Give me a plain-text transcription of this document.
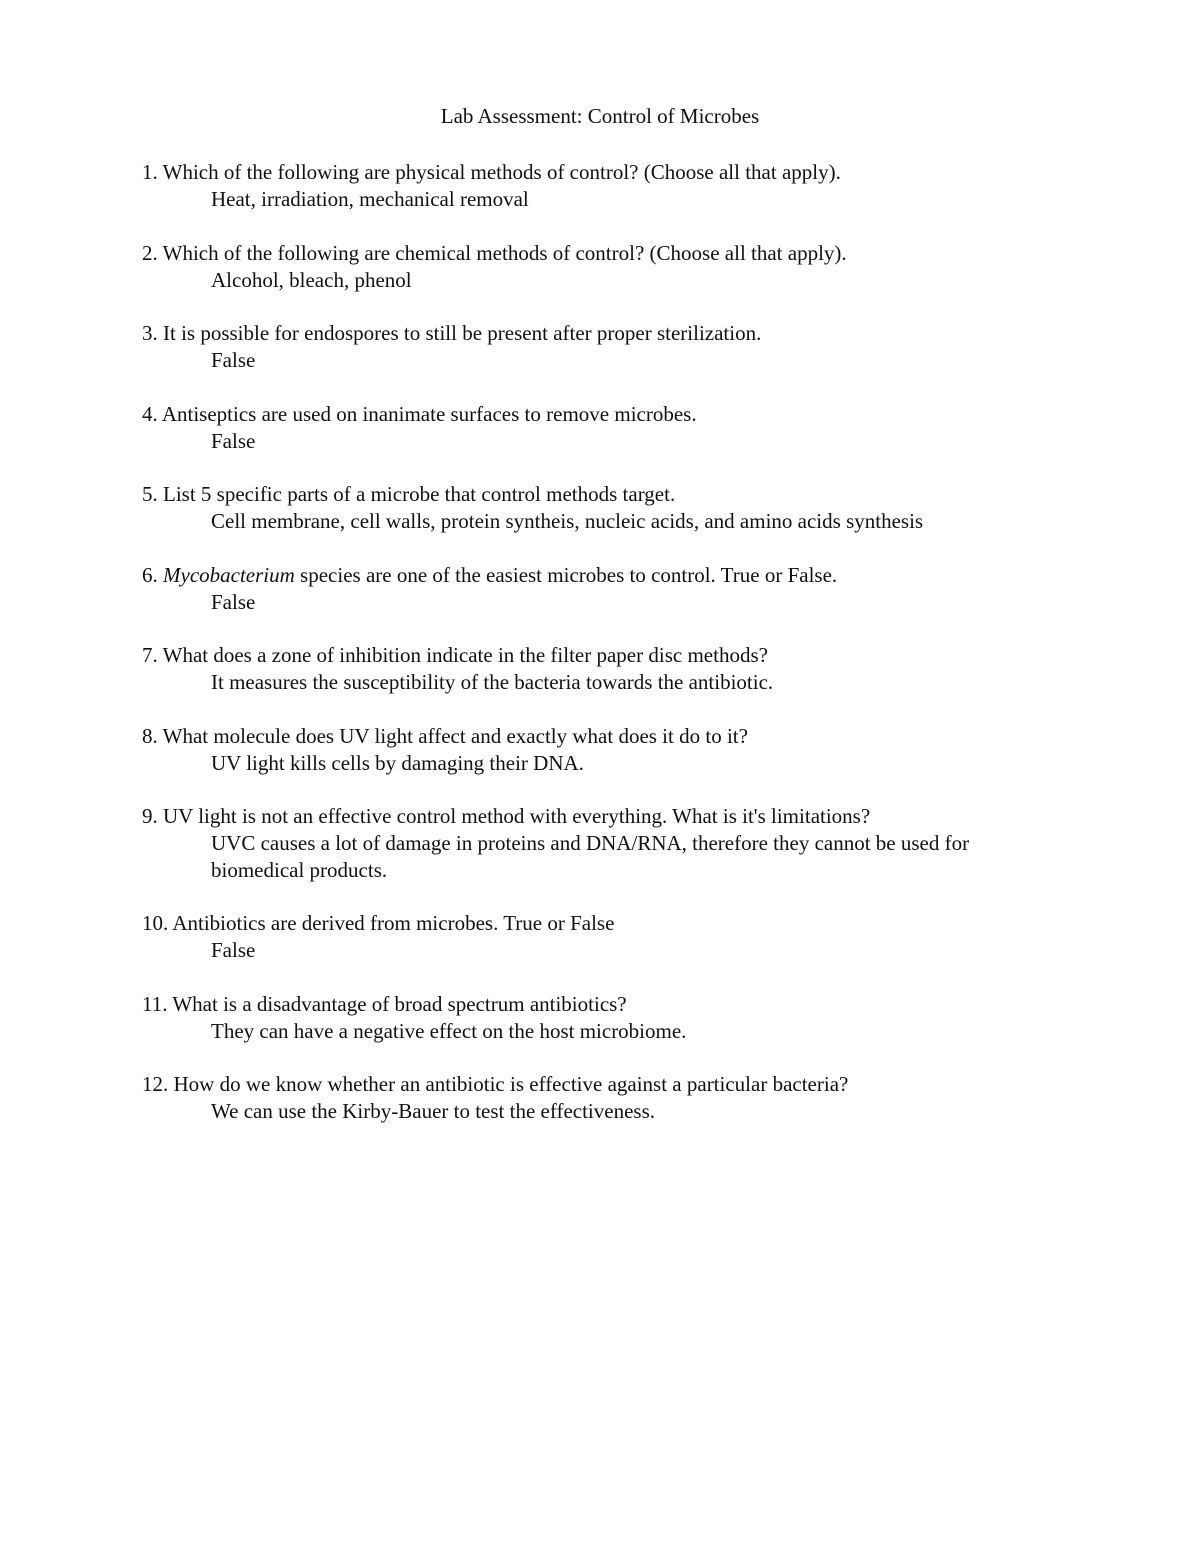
Lab Assessment: Control of Microbes
1. Which of the following are physical methods of control? (Choose all that apply).
Heat, irradiation, mechanical removal
2. Which of the following are chemical methods of control? (Choose all that apply).
Alcohol, bleach, phenol
3. It is possible for endospores to still be present after proper sterilization.
False
4. Antiseptics are used on inanimate surfaces to remove microbes.
False
5. List 5 specific parts of a microbe that control methods target.
Cell membrane, cell walls, protein syntheis, nucleic acids, and amino acids synthesis
6. Mycobacterium species are one of the easiest microbes to control. True or False.
False
7. What does a zone of inhibition indicate in the filter paper disc methods?
It measures the susceptibility of the bacteria towards the antibiotic.
8. What molecule does UV light affect and exactly what does it do to it?
UV light kills cells by damaging their DNA.
9. UV light is not an effective control method with everything. What is it's limitations?
UVC causes a lot of damage in proteins and DNA/RNA, therefore they cannot be used for biomedical products.
10. Antibiotics are derived from microbes. True or False
False
11. What is a disadvantage of broad spectrum antibiotics?
They can have a negative effect on the host microbiome.
12. How do we know whether an antibiotic is effective against a particular bacteria?
We can use the Kirby-Bauer to test the effectiveness.
